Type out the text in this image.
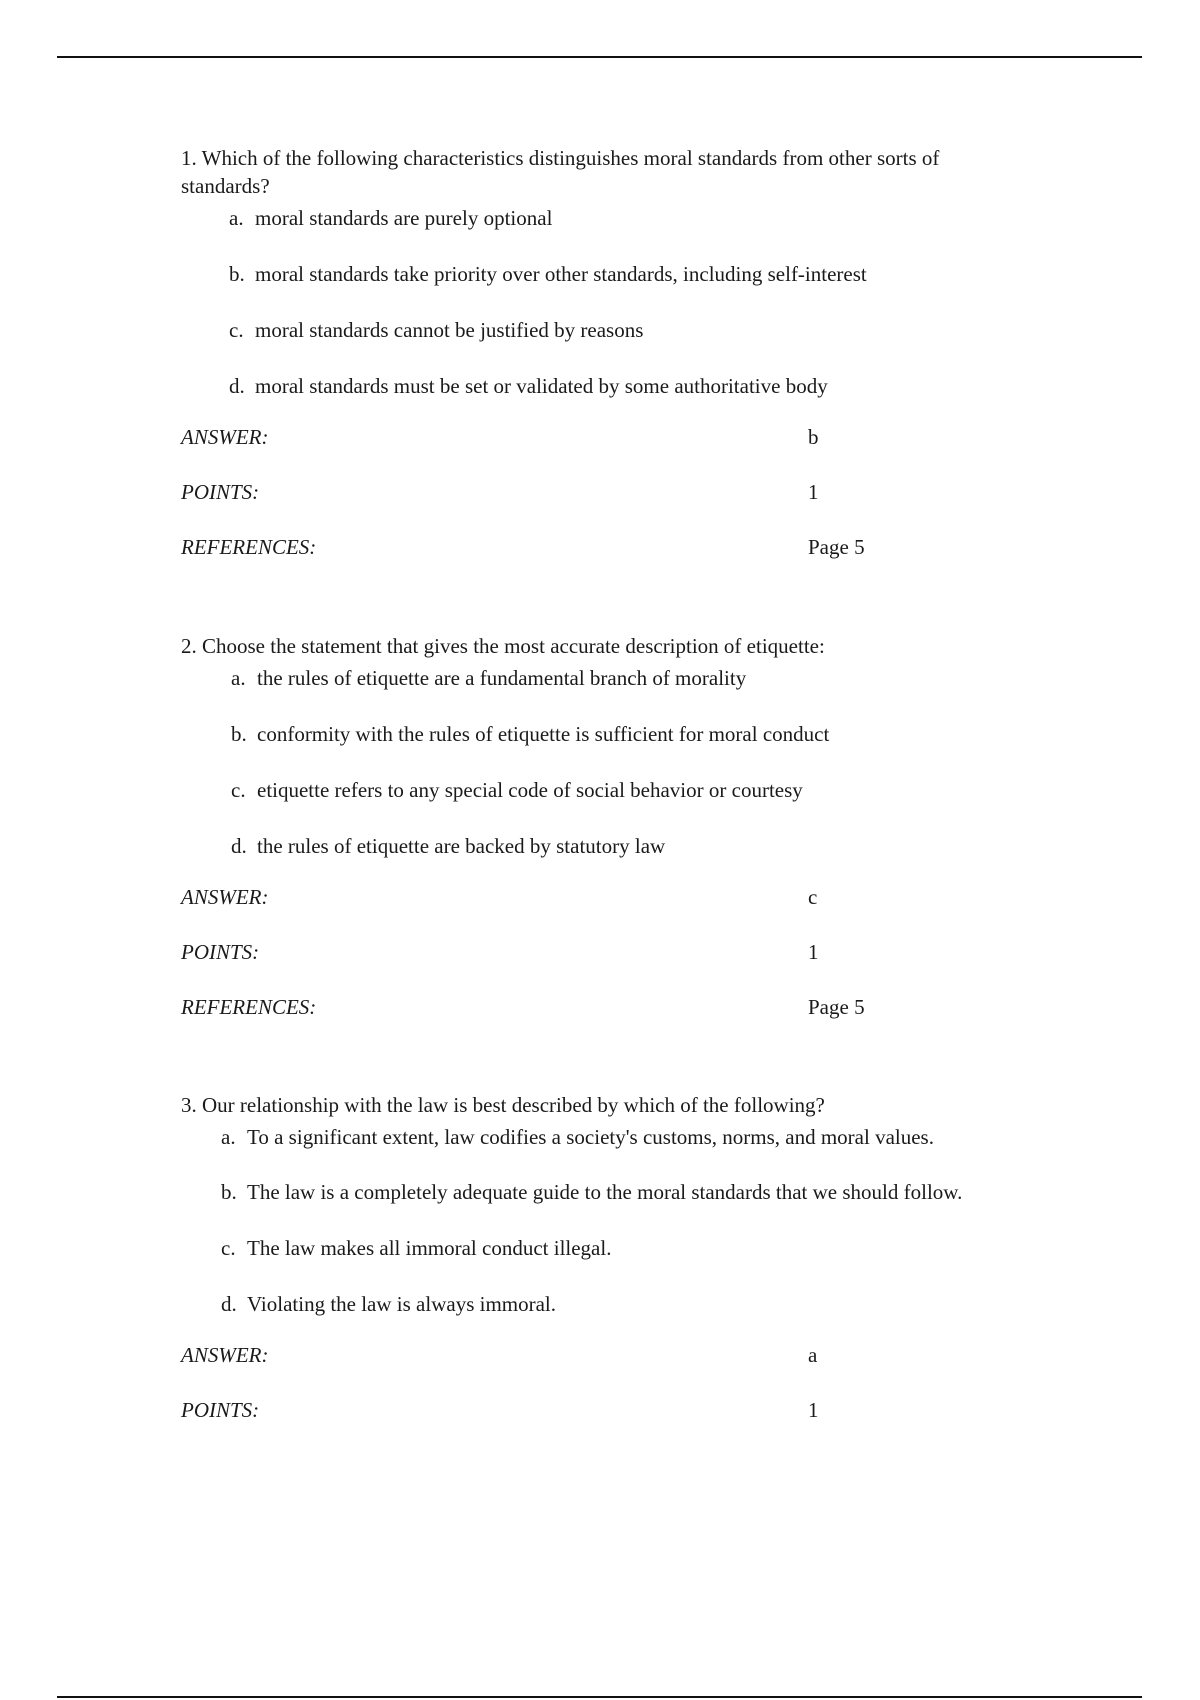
1. Which of the following characteristics distinguishes moral standards from other sorts of standards?

a. moral standards are purely optional
b. moral standards take priority over other standards, including self-interest
c. moral standards cannot be justified by reasons
d. moral standards must be set or validated by some authoritative body
ANSWER:	b
POINTS:	1
REFERENCES:	Page 5

2. Choose the statement that gives the most accurate description of etiquette:

a. the rules of etiquette are a fundamental branch of morality
b. conformity with the rules of etiquette is sufficient for moral conduct
c. etiquette refers to any special code of social behavior or courtesy
d. the rules of etiquette are backed by statutory law
ANSWER:	c
POINTS:	1
REFERENCES:	Page 5

3. Our relationship with the law is best described by which of the following?

a. To a significant extent, law codifies a society's customs, norms, and moral values.
b. The law is a completely adequate guide to the moral standards that we should follow.
c. The law makes all immoral conduct illegal.
d. Violating the law is always immoral.
ANSWER:	a
POINTS:	1
